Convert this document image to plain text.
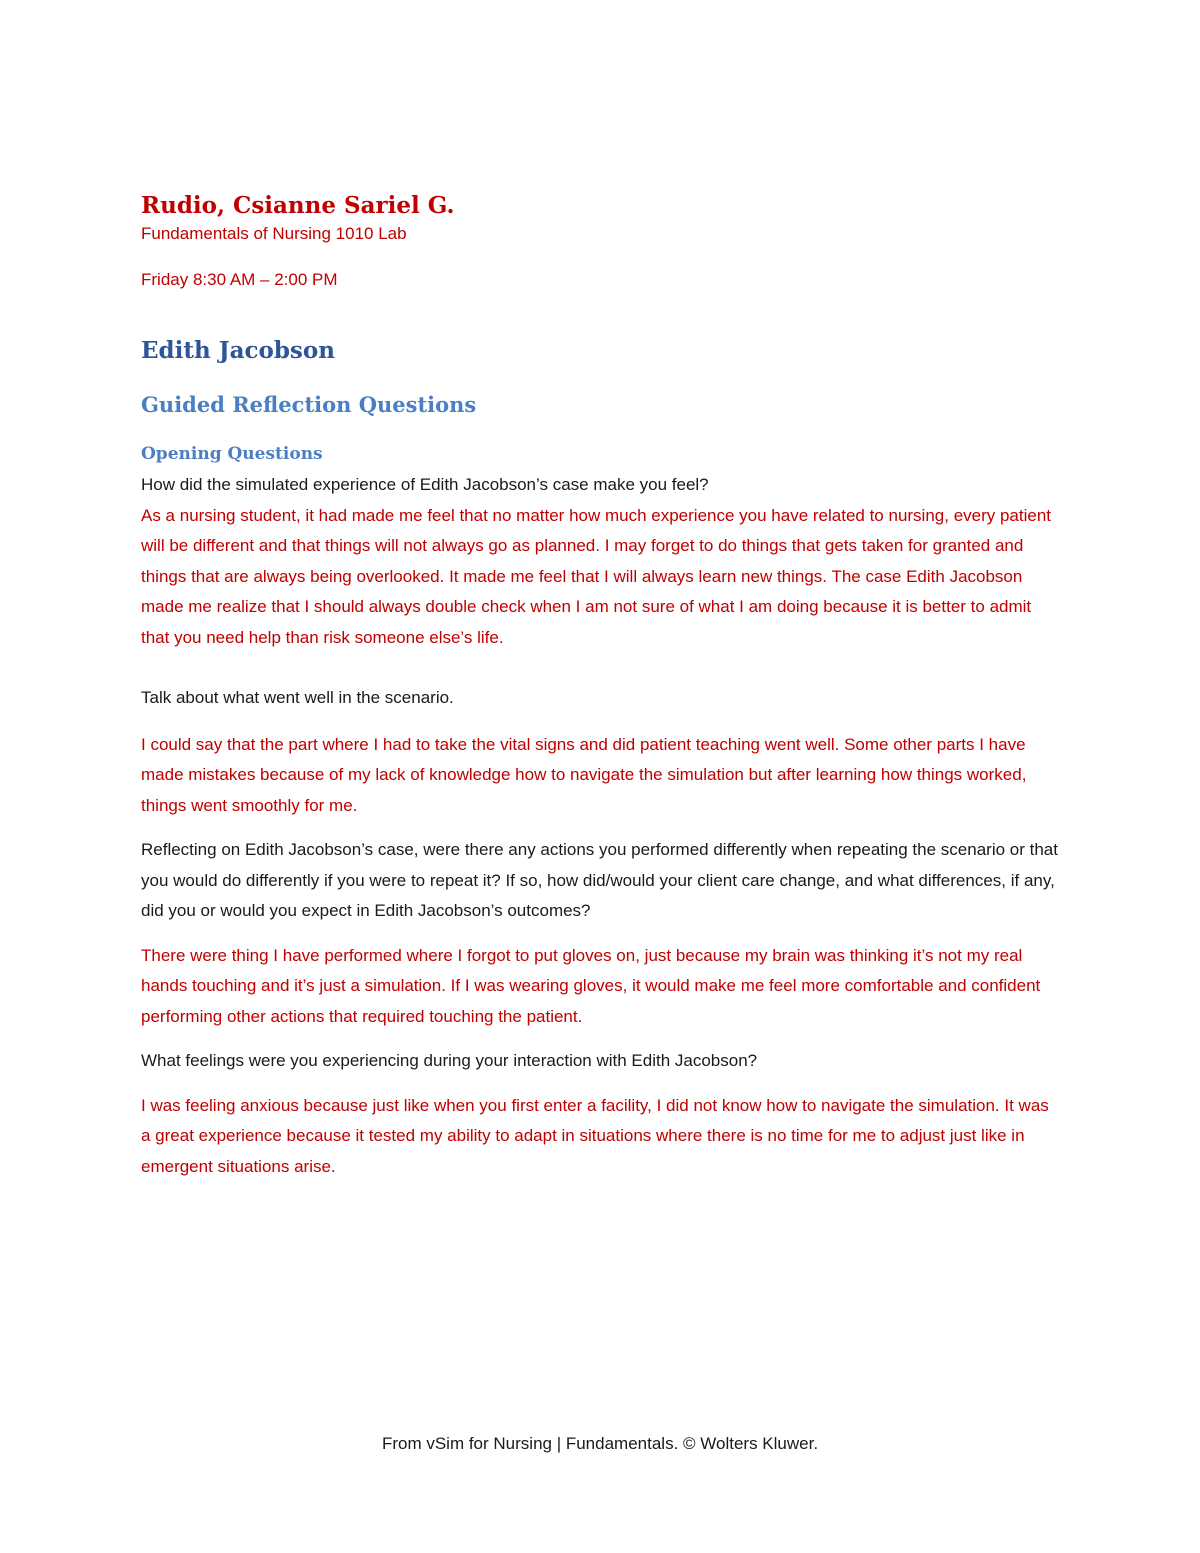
Rudio, Csianne Sariel G.

Fundamentals of Nursing 1010 Lab

Friday 8:30 AM – 2:00 PM

Edith Jacobson

Guided Reflection Questions

Opening Questions

How did the simulated experience of Edith Jacobson’s case make you feel?

As a nursing student, it had made me feel that no matter how much experience you have related to nursing, every patient will be different and that things will not always go as planned. I may forget to do things that gets taken for granted and things that are always being overlooked. It made me feel that I will always learn new things. The case Edith Jacobson made me realize that I should always double check when I am not sure of what I am doing because it is better to admit that you need help than risk someone else’s life.

Talk about what went well in the scenario.

I could say that the part where I had to take the vital signs and did patient teaching went well. Some other parts I have made mistakes because of my lack of knowledge how to navigate the simulation but after learning how things worked, things went smoothly for me.

Reflecting on Edith Jacobson’s case, were there any actions you performed differently when repeating the scenario or that you would do differently if you were to repeat it? If so, how did/would your client care change, and what differences, if any, did you or would you expect in Edith Jacobson’s outcomes?

There were thing I have performed where I forgot to put gloves on, just because my brain was thinking it’s not my real hands touching and it’s just a simulation. If I was wearing gloves, it would make me feel more comfortable and confident performing other actions that required touching the patient.

What feelings were you experiencing during your interaction with Edith Jacobson?

I was feeling anxious because just like when you first enter a facility, I did not know how to navigate the simulation. It was a great experience because it tested my ability to adapt in situations where there is no time for me to adjust just like in emergent situations arise.

From vSim for Nursing | Fundamentals. © Wolters Kluwer.
